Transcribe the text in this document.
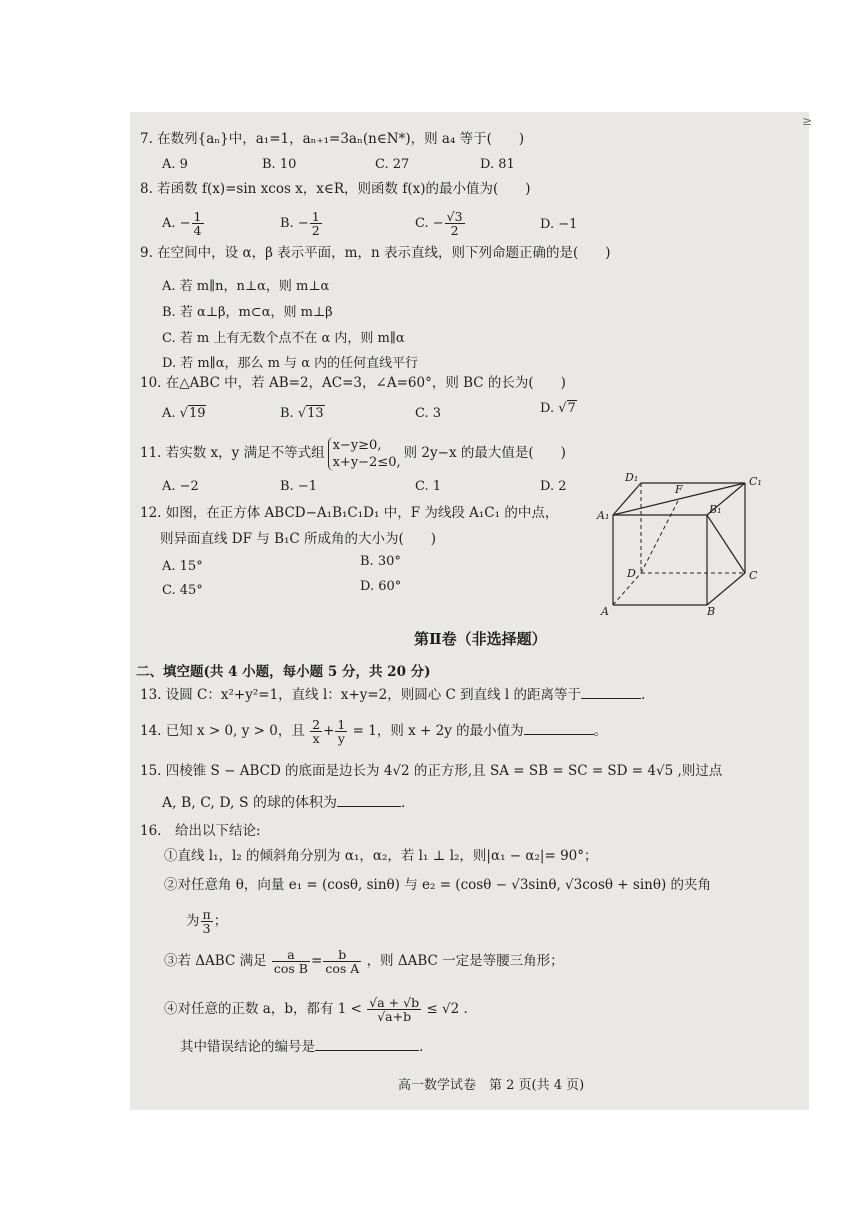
≥
7. 在数列{aₙ}中，a₁=1，aₙ₊₁=3aₙ(n∈N*)，则 a₄ 等于(　　)
A. 9	B. 10	C. 27	D. 81
8. 若函数 f(x)=sin xcos x，x∈R，则函数 f(x)的最小值为(　　)
A. − $\frac{1}{4}$	B. − $\frac{1}{2}$	C. − $\frac{√3}{2}$	D. −1
9. 在空间中，设 α，β 表示平面，m，n 表示直线，则下列命题正确的是(　　)
A. 若 m∥n，n⊥α，则 m⊥α
B. 若 α⊥β，m⊂α，则 m⊥β
C. 若 m 上有无数个点不在 α 内，则 m∥α
D. 若 m∥α，那么 m 与 α 内的任何直线平行
10. 在△ABC 中，若 AB=2，AC=3，∠A=60°，则 BC 的长为(　　)
A. √19	B. √13	C. 3	D. √7
11. 若实数 x，y 满足不等式组 x−y≥0,
x+y−2≤0,
则 2y−x 的最大值是(　　)
A. −2	B. −1	C. 1	D. 2
12. 如图，在正方体 ABCD−A₁B₁C₁D₁ 中，F 为线段 A₁C₁ 的中点，
则异面直线 DF 与 B₁C 所成角的大小为(　　)
A. 15°	B. 30°
C. 45°	D. 60°
D₁
F
C₁
A₁	B₁
D	C
A	B
第Ⅱ卷（非选择题）
二、填空题(共 4 小题，每小题 5 分，共 20 分)
13. 设圆 C：x²+y²=1，直线 l：x+y=2，则圆心 C 到直线 l 的距离等于	.
14. 已知 x > 0, y > 0，且 $\frac{2}{x} + \frac{1}{y} = 1$，则 x + 2y 的最小值为	。
15. 四棱锥 S − ABCD 的底面是边长为 4√2 的正方形,且 SA = SB = SC = SD = 4√5 ,则过点
A, B, C, D, S 的球的体积为	.
16.　给出以下结论:
①直线 l₁，l₂ 的倾斜角分别为 α₁，α₂，若 l₁ ⊥ l₂，则|α₁ − α₂|= 90°；
②对任意角 θ，向量 e₁ = (cosθ, sinθ) 与 e₂ = (cosθ − √3sinθ, √3cosθ + sinθ) 的夹角
为 $\frac{\pi}{3}$ ；
③若 ΔABC 满足 $\frac{a}{\text{cos B}} = \frac{b}{\text{cos A}}$ ，则 ΔABC 一定是等腰三角形；
④对任意的正数 a，b，都有 $1 < \frac{√a + √b}{√a+b} \le √2$ .
其中错误结论的编号是	.
高一数学试卷　第 2 页(共 4 页)
